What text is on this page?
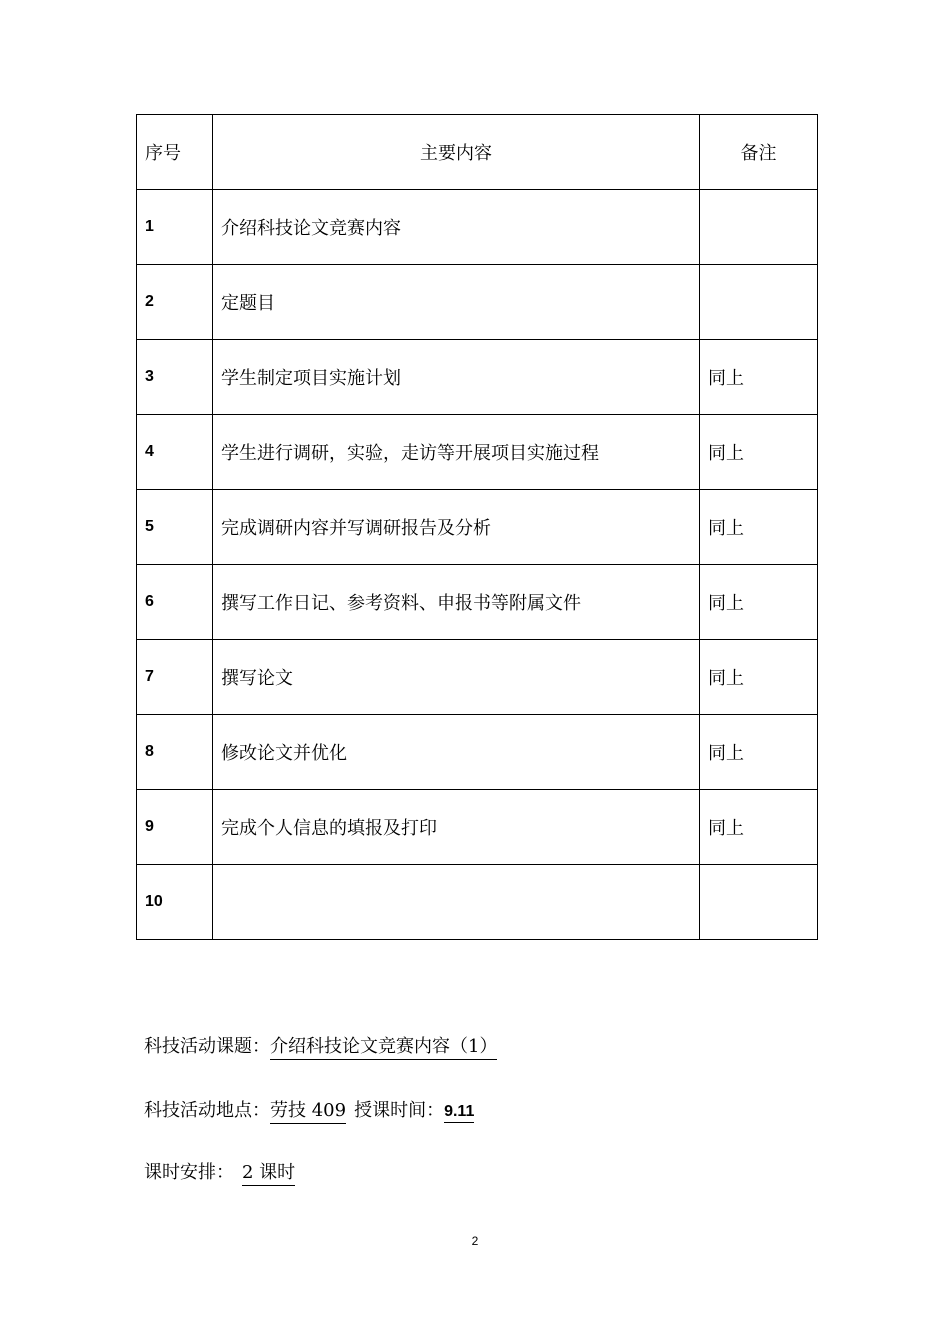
序号	主要内容	备注
1	介绍科技论文竞赛内容	
2	定题目	
3	学生制定项目实施计划	同上
4	学生进行调研，实验，走访等开展项目实施过程	同上
5	完成调研内容并写调研报告及分析	同上
6	撰写工作日记、参考资料、申报书等附属文件	同上
7	撰写论文	同上
8	修改论文并优化	同上
9	完成个人信息的填报及打印	同上
10		
科技活动课题：介绍科技论文竞赛内容（1）
科技活动地点：劳技 409 授课时间：9.11
课时安排： 2 课时
2
